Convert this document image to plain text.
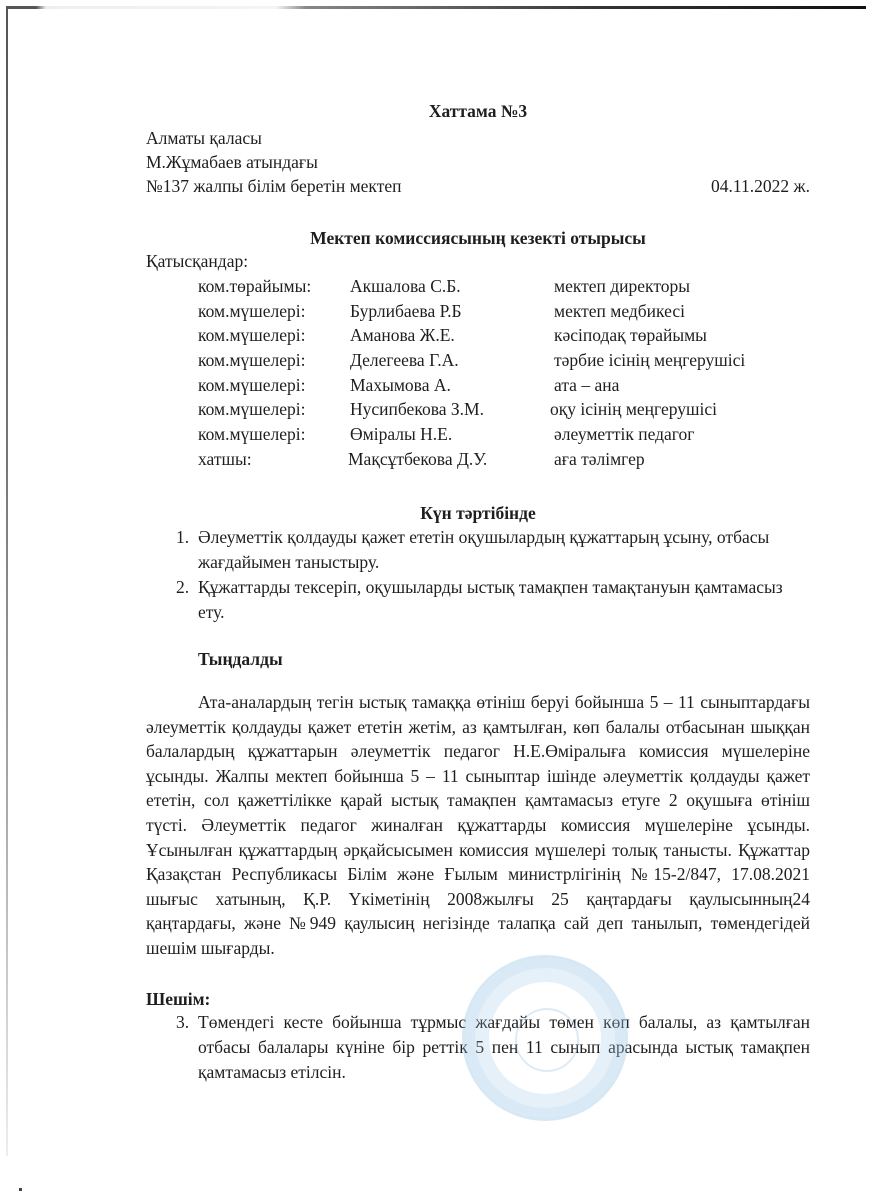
Хаттама №3
Алматы қаласы
М.Жұмабаев атындағы
№137 жалпы білім беретін мектеп	04.11.2022 ж.
Мектеп комиссиясының кезекті отырысы
Қатысқандар:
ком.төрайымы: Акшалова С.Б.	мектеп директоры
ком.мүшелері:	Бурлибаева Р.Б	мектеп медбикесі
ком.мүшелері:	Аманова Ж.Е.	кәсіподақ төрайымы
ком.мүшелері:	Делегеева Г.А.	тәрбие ісінің меңгерушісі
ком.мүшелері:	Махымова А.	ата – ана
ком.мүшелері:	Нусипбекова З.М.	оқу ісінің меңгерушісі
ком.мүшелері:	Өміралы Н.Е.	әлеуметтік педагог
хатшы:	Мақсұтбекова Д.У.	аға тәлімгер
Күн тәртібінде
1. Әлеуметтік қолдауды қажет ететін оқушылардың құжаттарың ұсыну, отбасы жағдайымен таныстыру.
2. Құжаттарды тексеріп, оқушыларды ыстық тамақпен тамақтануын қамтамасыз ету.
Тыңдалды
Ата-аналардың тегін ыстық тамаққа өтініш беруі бойынша 5 – 11 сыныптардағы әлеуметтік қолдауды қажет ететін жетім, аз қамтылған, көп балалы отбасынан шыққан балалардың құжаттарын әлеуметтік педагог Н.Е.Өміралыға комиссия мүшелеріне ұсынды. Жалпы мектеп бойынша 5 – 11 сыныптар ішінде әлеуметтік қолдауды қажет ететін, сол қажеттілікке қарай ыстық тамақпен қамтамасыз етуге 2 оқушыға өтініш түсті. Әлеуметтік педагог жиналған құжаттарды комиссия мүшелеріне ұсынды. Ұсынылған құжаттардың әрқайсысымен комиссия мүшелері толық танысты. Құжаттар Қазақстан Республикасы Білім және Ғылым министрлігінің №15-2/847, 17.08.2021 шығыс хатының, Қ.Р. Үкіметінің 2008жылғы 25 қаңтардағы қаулысынның24 қаңтардағы, және №949 қаулысиң негізінде талапқа сай деп танылып, төмендегідей шешім шығарды.
Шешім:
3. Төмендегі кесте бойынша тұрмыс жағдайы төмен көп балалы, аз қамтылған отбасы балалары күніне бір реттік 5 пен 11 сынып арасында ыстық тамақпен қамтамасыз етілсін.
